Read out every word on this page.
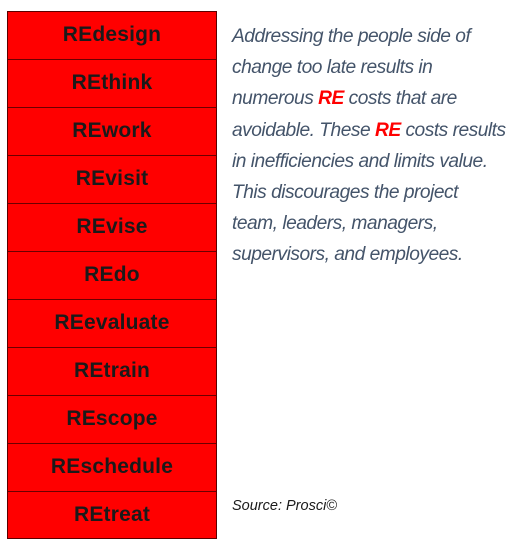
REdesign
REthink
REwork
REvisit
REvise
REdo
REevaluate
REtrain
REscope
REschedule
REtreat

Addressing the people side of
change too late results in
numerous RE costs that are
avoidable. These RE costs results
in inefficiencies and limits value.
This discourages the project
team, leaders, managers,
supervisors, and employees.

Source: Prosci©
